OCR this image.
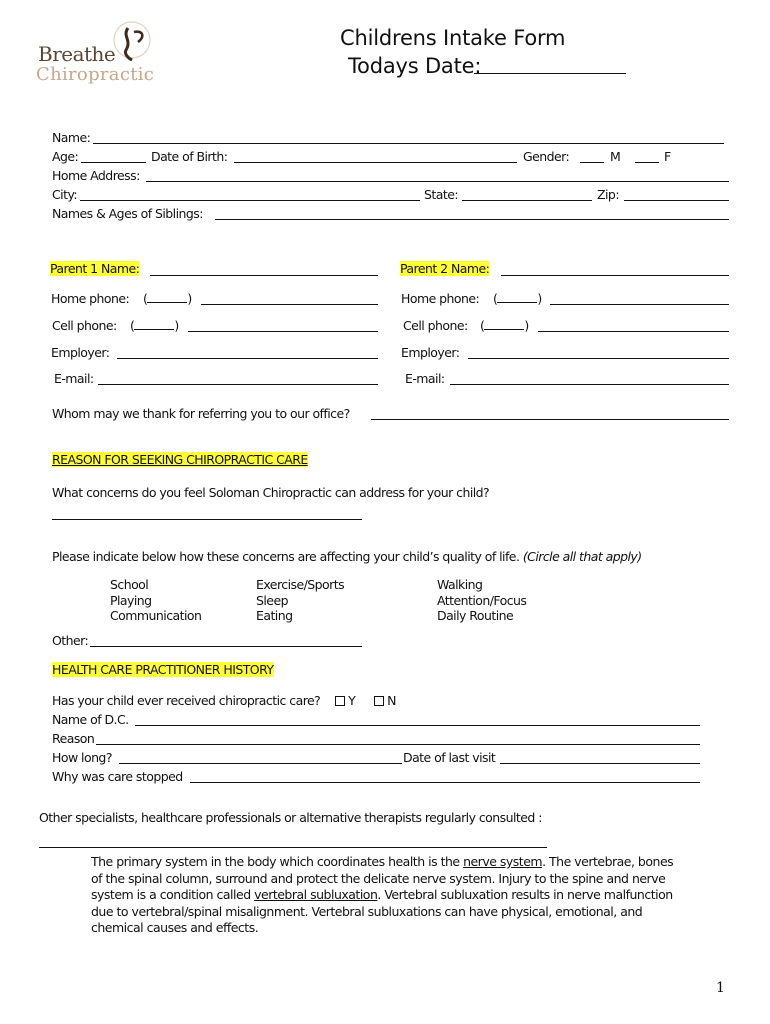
Breathe
Chiropractic
Childrens Intake Form
Todays Date:
Name:
Age:	Date of Birth:	Gender:	M	F
Home Address:
City:	State:	Zip:
Names & Ages of Siblings:
Parent 1 Name:
Home phone: (	)
Cell phone: (	)
Employer:
E-mail:
Parent 2 Name:
Home phone: (	)
Cell phone: (	)
Employer:
E-mail:
Whom may we thank for referring you to our office?
REASON FOR SEEKING CHIROPRACTIC CARE
What concerns do you feel Soloman Chiropractic can address for your child?
Please indicate below how these concerns are affecting your child’s quality of life. (Circle all that apply)
School
Playing
Communication
Exercise/Sports
Sleep
Eating
Walking
Attention/Focus
Daily Routine
Other:
HEALTH CARE PRACTITIONER HISTORY
Has your child ever received chiropractic care? Y	N
Name of D.C.
Reason
How long?	Date of last visit
Why was care stopped
Other specialists, healthcare professionals or alternative therapists regularly consulted :
The primary system in the body which coordinates health is the nerve system. The vertebrae, bones of the spinal column, surround and protect the delicate nerve system. Injury to the spine and nerve system is a condition called vertebral subluxation. Vertebral subluxation results in nerve malfunction due to vertebral/spinal misalignment. Vertebral subluxations can have physical, emotional, and chemical causes and effects.
1
